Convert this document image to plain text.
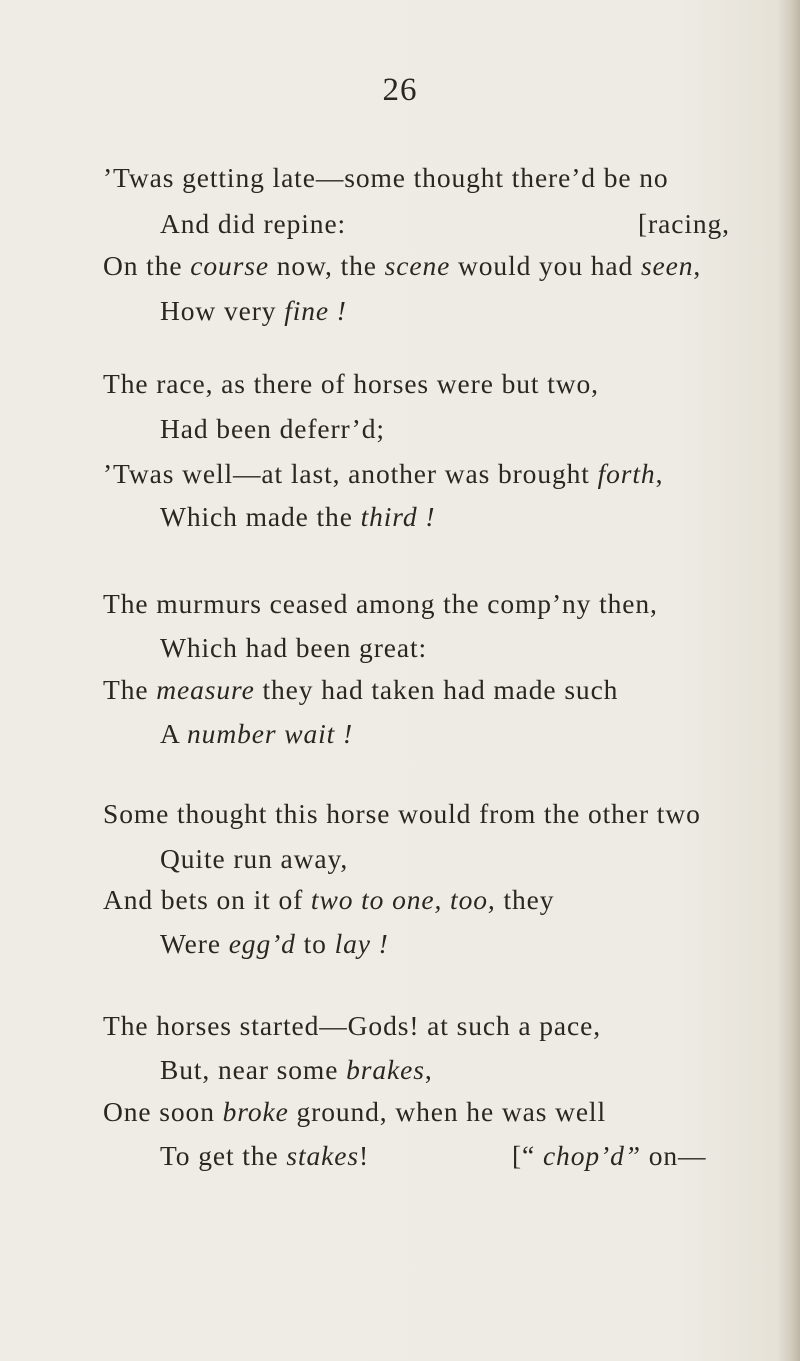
26
’Twas getting late—some thought there’d be no
And did repine:	[racing,
On the course now, the scene would you had seen,
How very fine !
The race, as there of horses were but two,
Had been deferr’d;
’Twas well—at last, another was brought forth,
Which made the third !
The murmurs ceased among the comp’ny then,
Which had been great:
The measure they had taken had made such
A number wait !
Some thought this horse would from the other two
Quite run away,
And bets on it of two to one, too, they
Were egg’d to lay !
The horses started—Gods! at such a pace,
But, near some brakes,
One soon broke ground, when he was well
To get the stakes!	[“ chop’d” on—
